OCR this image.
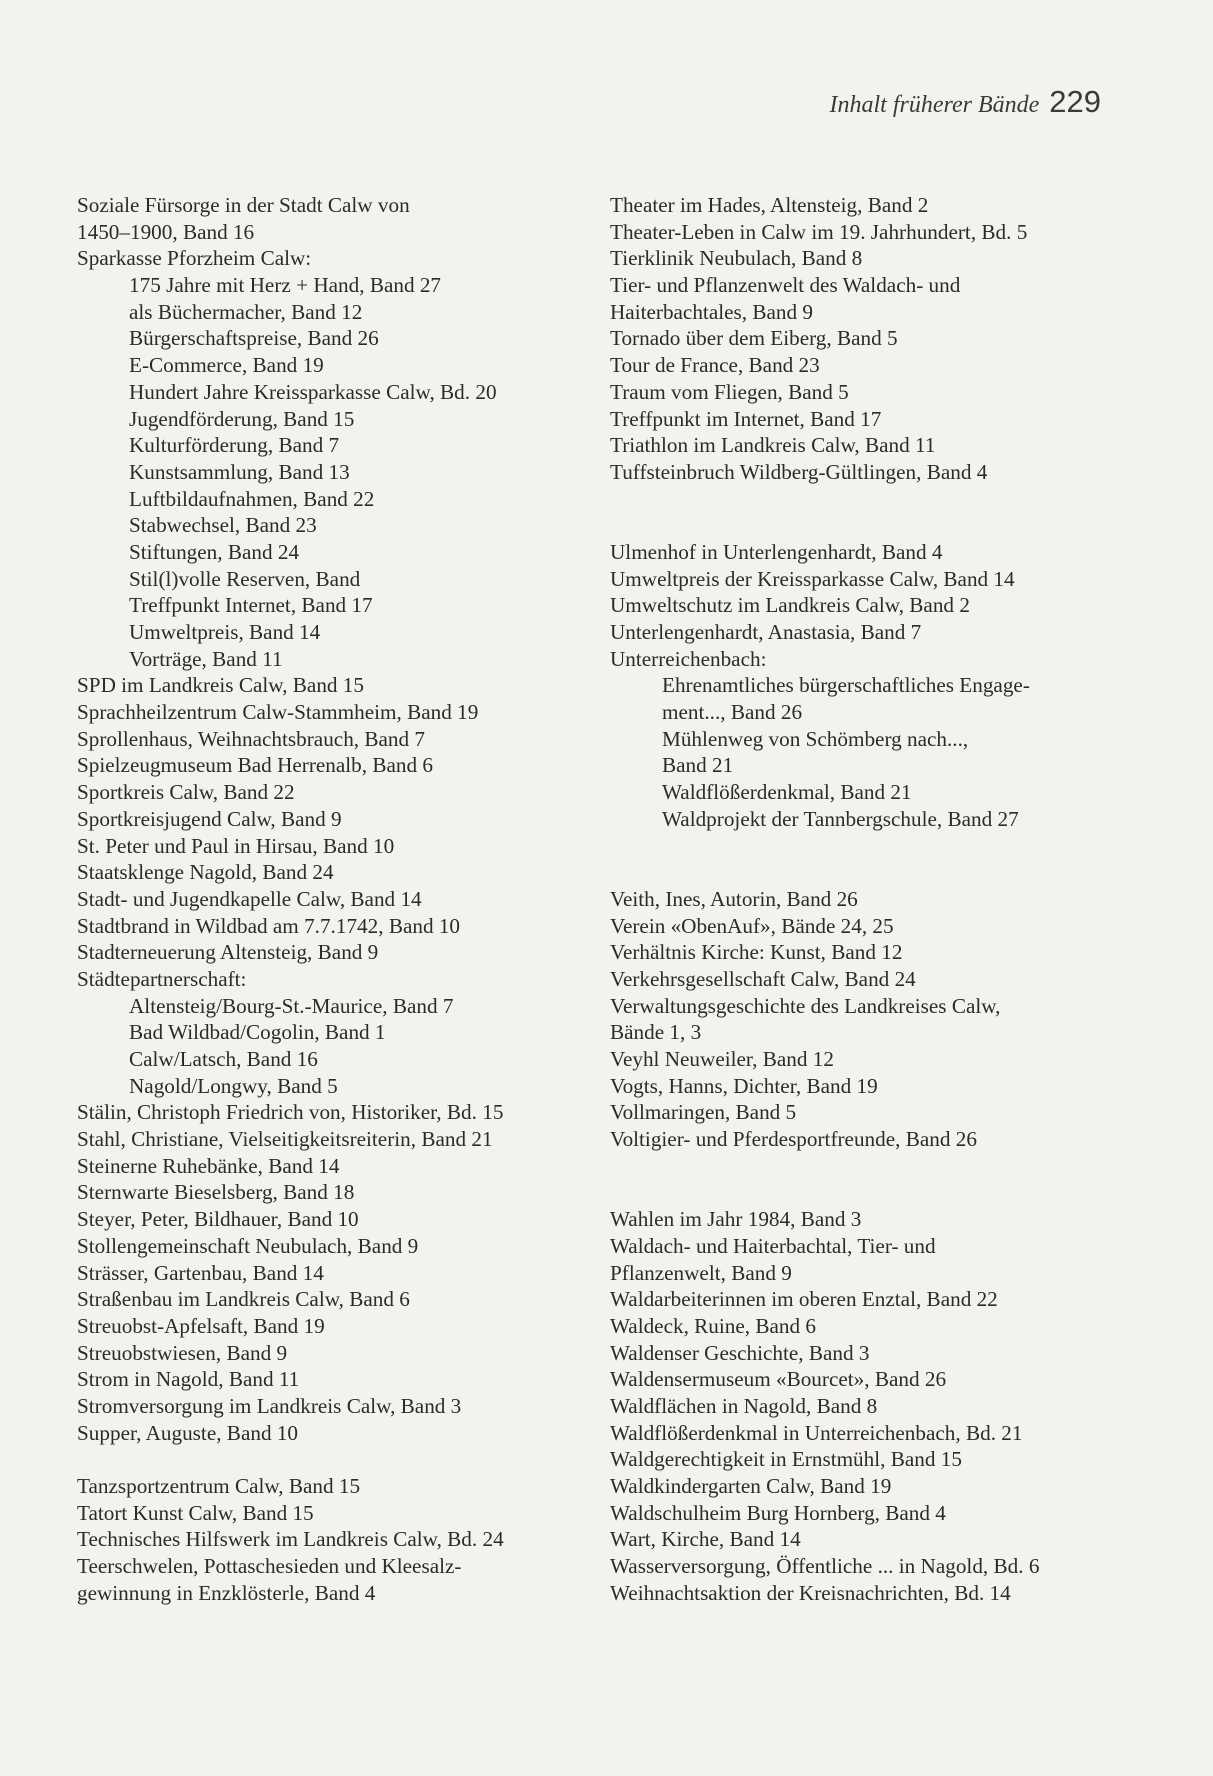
Inhalt früherer Bände 229
Soziale Fürsorge in der Stadt Calw von
1450–1900, Band 16
Sparkasse Pforzheim Calw:
175 Jahre mit Herz + Hand, Band 27
als Büchermacher, Band 12
Bürgerschaftspreise, Band 26
E-Commerce, Band 19
Hundert Jahre Kreissparkasse Calw, Bd. 20
Jugendförderung, Band 15
Kulturförderung, Band 7
Kunstsammlung, Band 13
Luftbildaufnahmen, Band 22
Stabwechsel, Band 23
Stiftungen, Band 24
Stil(l)volle Reserven, Band
Treffpunkt Internet, Band 17
Umweltpreis, Band 14
Vorträge, Band 11
SPD im Landkreis Calw, Band 15
Sprachheilzentrum Calw-Stammheim, Band 19
Sprollenhaus, Weihnachtsbrauch, Band 7
Spielzeugmuseum Bad Herrenalb, Band 6
Sportkreis Calw, Band 22
Sportkreisjugend Calw, Band 9
St. Peter und Paul in Hirsau, Band 10
Staatsklenge Nagold, Band 24
Stadt- und Jugendkapelle Calw, Band 14
Stadtbrand in Wildbad am 7.7.1742, Band 10
Stadterneuerung Altensteig, Band 9
Städtepartnerschaft:
Altensteig/Bourg-St.-Maurice, Band 7
Bad Wildbad/Cogolin, Band 1
Calw/Latsch, Band 16
Nagold/Longwy, Band 5
Stälin, Christoph Friedrich von, Historiker, Bd. 15
Stahl, Christiane, Vielseitigkeitsreiterin, Band 21
Steinerne Ruhebänke, Band 14
Sternwarte Bieselsberg, Band 18
Steyer, Peter, Bildhauer, Band 10
Stollengemeinschaft Neubulach, Band 9
Strässer, Gartenbau, Band 14
Straßenbau im Landkreis Calw, Band 6
Streuobst-Apfelsaft, Band 19
Streuobstwiesen, Band 9
Strom in Nagold, Band 11
Stromversorgung im Landkreis Calw, Band 3
Supper, Auguste, Band 10
Tanzsportzentrum Calw, Band 15
Tatort Kunst Calw, Band 15
Technisches Hilfswerk im Landkreis Calw, Bd. 24
Teerschwelen, Pottaschesieden und Kleesalz-
gewinnung in Enzklösterle, Band 4
Theater im Hades, Altensteig, Band 2
Theater-Leben in Calw im 19. Jahrhundert, Bd. 5
Tierklinik Neubulach, Band 8
Tier- und Pflanzenwelt des Waldach- und
Haiterbachtales, Band 9
Tornado über dem Eiberg, Band 5
Tour de France, Band 23
Traum vom Fliegen, Band 5
Treffpunkt im Internet, Band 17
Triathlon im Landkreis Calw, Band 11
Tuffsteinbruch Wildberg-Gültlingen, Band 4
Ulmenhof in Unterlengenhardt, Band 4
Umweltpreis der Kreissparkasse Calw, Band 14
Umweltschutz im Landkreis Calw, Band 2
Unterlengenhardt, Anastasia, Band 7
Unterreichenbach:
Ehrenamtliches bürgerschaftliches Engage-
ment..., Band 26
Mühlenweg von Schömberg nach...,
Band 21
Waldflößerdenkmal, Band 21
Waldprojekt der Tannbergschule, Band 27
Veith, Ines, Autorin, Band 26
Verein «ObenAuf», Bände 24, 25
Verhältnis Kirche: Kunst, Band 12
Verkehrsgesellschaft Calw, Band 24
Verwaltungsgeschichte des Landkreises Calw,
Bände 1, 3
Veyhl Neuweiler, Band 12
Vogts, Hanns, Dichter, Band 19
Vollmaringen, Band 5
Voltigier- und Pferdesportfreunde, Band 26
Wahlen im Jahr 1984, Band 3
Waldach- und Haiterbachtal, Tier- und
Pflanzenwelt, Band 9
Waldarbeiterinnen im oberen Enztal, Band 22
Waldeck, Ruine, Band 6
Waldenser Geschichte, Band 3
Waldensermuseum «Bourcet», Band 26
Waldflächen in Nagold, Band 8
Waldflößerdenkmal in Unterreichenbach, Bd. 21
Waldgerechtigkeit in Ernstmühl, Band 15
Waldkindergarten Calw, Band 19
Waldschulheim Burg Hornberg, Band 4
Wart, Kirche, Band 14
Wasserversorgung, Öffentliche ... in Nagold, Bd. 6
Weihnachtsaktion der Kreisnachrichten, Bd. 14
